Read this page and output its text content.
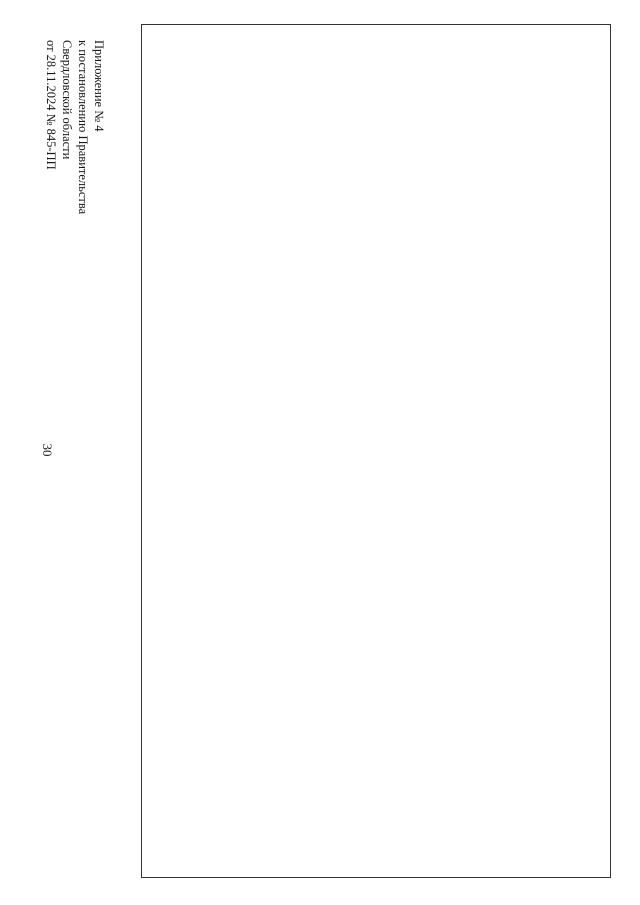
Приложение № 4
к постановлению Правительства
Свердловской области
от 28.11.2024 № 845-ПП
30
